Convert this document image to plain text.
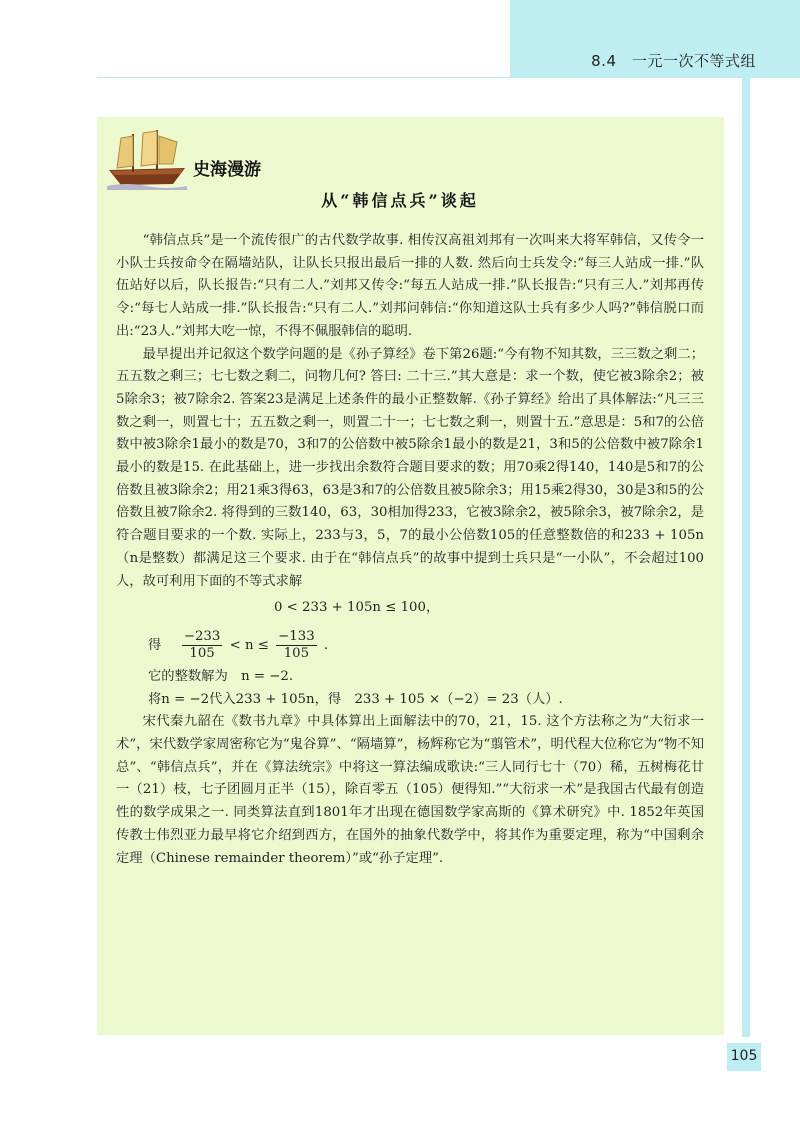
8.4　一元一次不等式组
史海漫游
从“韩信点兵”谈起

“韩信点兵”是一个流传很广的古代数学故事. 相传汉高祖刘邦有一次叫来大将军韩信，又传令一小队士兵按命令在隔墙站队，让队长只报出最后一排的人数. 然后向士兵发令:“每三人站成一排.”队伍站好以后，队长报告:“只有二人.”刘邦又传令:“每五人站成一排.”队长报告:“只有三人.”刘邦再传令:“每七人站成一排.”队长报告:“只有二人.”刘邦问韩信:“你知道这队士兵有多少人吗?”韩信脱口而出:“23人.”刘邦大吃一惊，不得不佩服韩信的聪明.

最早提出并记叙这个数学问题的是《孙子算经》卷下第26题:“今有物不知其数，三三数之剩二；五五数之剩三；七七数之剩二，问物几何? 答曰: 二十三.”其大意是：求一个数，使它被3除余2；被5除余3；被7除余2. 答案23是满足上述条件的最小正整数解.《孙子算经》给出了具体解法:“凡三三数之剩一，则置七十；五五数之剩一，则置二十一；七七数之剩一，则置十五.”意思是：5和7的公倍数中被3除余1最小的数是70，3和7的公倍数中被5除余1最小的数是21，3和5的公倍数中被7除余1最小的数是15. 在此基础上，进一步找出余数符合题目要求的数；用70乘2得140，140是5和7的公倍数且被3除余2；用21乘3得63，63是3和7的公倍数且被5除余3；用15乘2得30，30是3和5的公倍数且被7除余2. 将得到的三数140，63，30相加得233，它被3除余2，被5除余3，被7除余2，是符合题目要求的一个数. 实际上，233与3，5，7的最小公倍数105的任意整数倍的和233 + 105n（n是整数）都满足这三个要求. 由于在“韩信点兵”的故事中提到士兵只是“一小队”，不会超过100人，故可利用下面的不等式求解

0 < 233 + 105n ≤ 100，

得　 $\frac{-233}{105} < n \le \frac{-133}{105}$ .

它的整数解为　n = −2.

将n = −2代入233 + 105n，得　233 + 105 ×（−2）= 23（人）.

宋代秦九韶在《数书九章》中具体算出上面解法中的70，21，15. 这个方法称之为“大衍求一术”，宋代数学家周密称它为“鬼谷算”、“隔墙算”，杨辉称它为“翦管术”，明代程大位称它为“物不知总”、“韩信点兵”，并在《算法统宗》中将这一算法编成歌诀:“三人同行七十（70）稀，五树梅花廿一（21）枝，七子团圆月正半（15），除百零五（105）便得知.”“大衍求一术”是我国古代最有创造性的数学成果之一. 同类算法直到1801年才出现在德国数学家高斯的《算术研究》中. 1852年英国传教士伟烈亚力最早将它介绍到西方，在国外的抽象代数学中，将其作为重要定理，称为“中国剩余定理（Chinese remainder theorem）”或“孙子定理”.

105
